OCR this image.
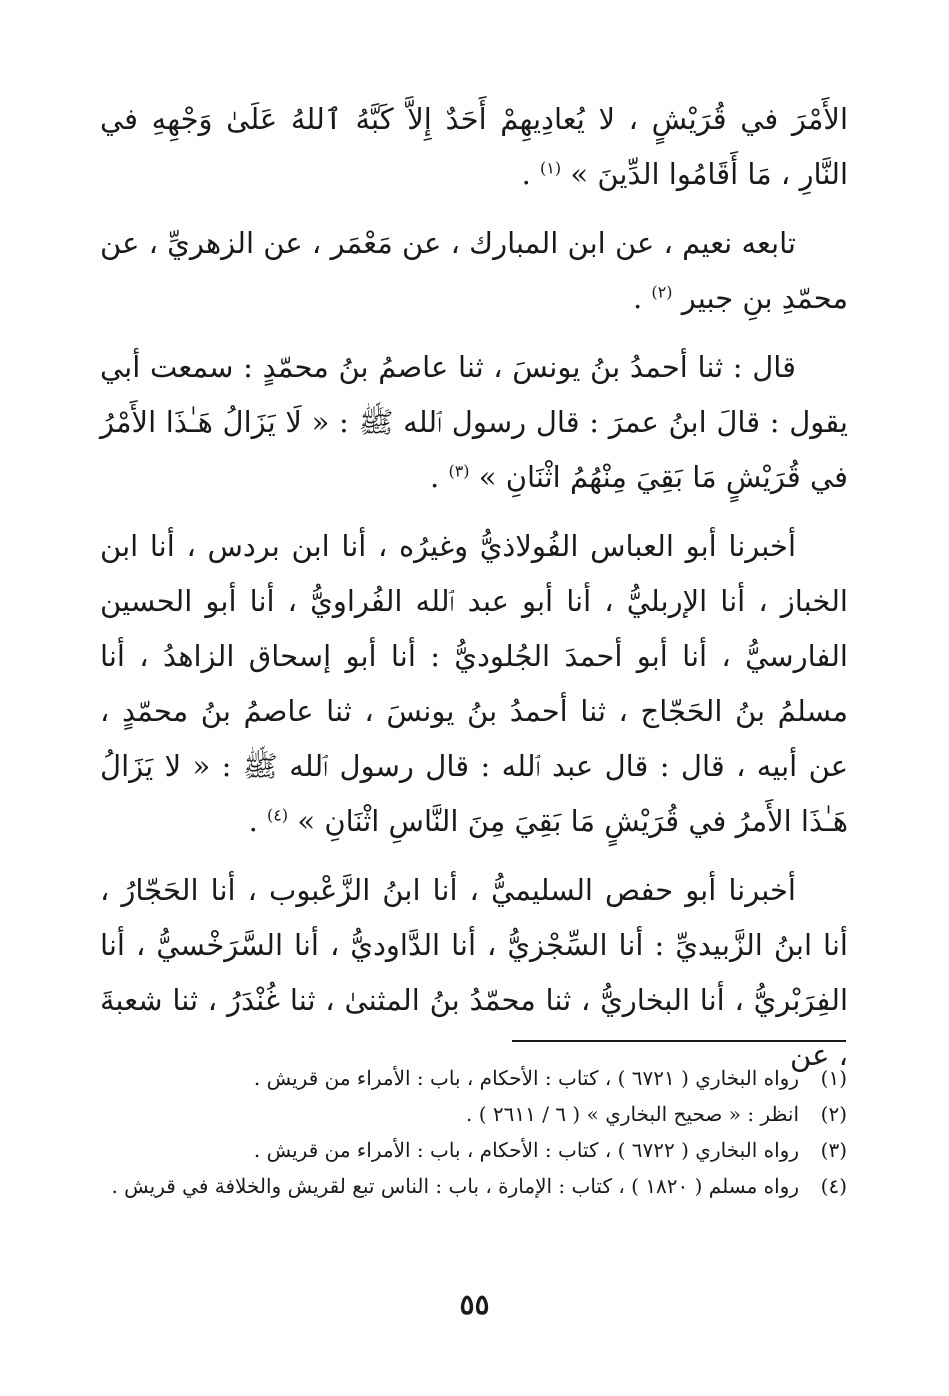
الأَمْرَ في قُرَيْشٍ ، لا يُعادِيهِمْ أَحَدٌ إِلاَّ كَبَّهُ ٱللهُ عَلَىٰ وَجْهِهِ في النَّارِ ، مَا أَقَامُوا الدِّينَ » $^{(١)}$ .

تابعه نعيم ، عن ابن المبارك ، عن مَعْمَر ، عن الزهريِّ ، عن محمّدِ بنِ جبير $^{(٢)}$ .

قال : ثنا أحمدُ بنُ يونسَ ، ثنا عاصمُ بنُ محمّدٍ : سمعت أبي يقول : قالَ ابنُ عمرَ : قال رسول ٱلله ﷺ : « لَا يَزَالُ هَـٰذَا الأَمْرُ في قُرَيْشٍ مَا بَقِيَ مِنْهُمُ اثْنَانِ » $^{(٣)}$ .

أخبرنا أبو العباس الفُولاذيُّ وغيرُه ، أنا ابن بردس ، أنا ابن الخباز ، أنا الإربليُّ ، أنا أبو عبد ٱلله الفُراويُّ ، أنا أبو الحسين الفارسيُّ ، أنا أبو أحمدَ الجُلوديُّ : أنا أبو إسحاق الزاهدُ ، أنا مسلمُ بنُ الحَجّاج ، ثنا أحمدُ بنُ يونسَ ، ثنا عاصمُ بنُ محمّدٍ ، عن أبيه ، قال : قال عبد ٱلله : قال رسول ٱلله ﷺ : « لا يَزَالُ هَـٰذَا الأَمرُ في قُرَيْشٍ مَا بَقِيَ مِنَ النَّاسِ اثْنَانِ » $^{(٤)}$ .

أخبرنا أبو حفص السليميُّ ، أنا ابنُ الزَّعْبوب ، أنا الحَجّارُ ، أنا ابنُ الزَّبيديِّ : أنا السِّجْزيُّ ، أنا الدَّاوديُّ ، أنا السَّرَخْسيُّ ، أنا الفِرَبْريُّ ، أنا البخاريُّ ، ثنا محمّدُ بنُ المثنىٰ ، ثنا غُنْدَرُ ، ثنا شعبةَ ، عن

(١)
رواه البخاري ( ٦٧٢١ ) ، كتاب : الأحكام ، باب : الأمراء من قريش .
(٢)
انظر : « صحيح البخاري » ( ٦ / ٢٦١١ ) .
(٣)
رواه البخاري ( ٦٧٢٢ ) ، كتاب : الأحكام ، باب : الأمراء من قريش .
(٤)
رواه مسلم ( ١٨٢٠ ) ، كتاب : الإمارة ، باب : الناس تبع لقريش والخلافة في قريش .
٥٥
